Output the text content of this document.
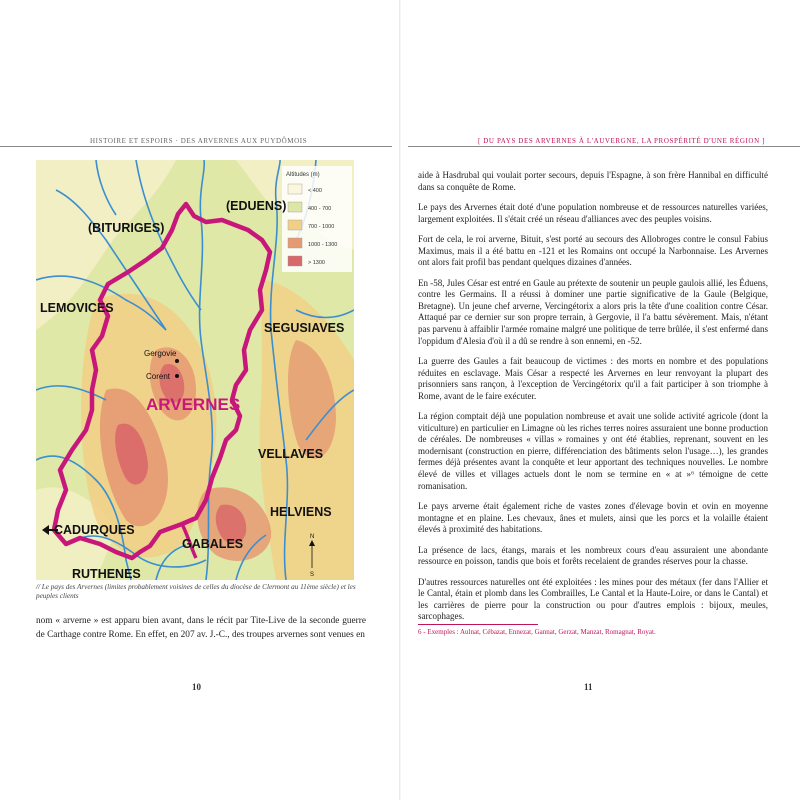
HISTOIRE ET ESPOIRS · DES ARVERNES AUX PUYDÔMOIS	[ DU PAYS DES ARVERNES À L'AUVERGNE, LA PROSPÉRITÉ D'UNE RÉGION ]
Altitudes (m)
< 400
400 - 700
700 - 1000
1000 - 1300
> 1300
(BITURIGES)
(EDUENS)
LEMOVICES
SEGUSIAVES
Gergovie
Corent
ARVERNES
VELLAVES
HELVIENS
CADURQUES
GABALES
RUTHENES
N
S
// Le pays des Arvernes (limites probablement voisines de celles du diocèse de Clermont au 11ème siècle) et les peuples clients
nom « arverne » est apparu bien avant, dans le récit par Tite-Live de la seconde guerre de Carthage contre Rome. En effet, en 207 av. J.-C., des troupes arvernes sont venues en
10

aide à Hasdrubal qui voulait porter secours, depuis l'Espagne, à son frère Hannibal en difficulté dans sa conquête de Rome.

Le pays des Arvernes était doté d'une population nombreuse et de ressources naturelles variées, largement exploitées. Il s'était créé un réseau d'alliances avec des peuples voisins.

Fort de cela, le roi arverne, Bituit, s'est porté au secours des Allobroges contre le consul Fabius Maximus, mais il a été battu en -121 et les Romains ont occupé la Narbonnaise. Les Arvernes ont alors fait profil bas pendant quelques dizaines d'années.

En -58, Jules César est entré en Gaule au prétexte de soutenir un peuple gaulois allié, les Éduens, contre les Germains. Il a réussi à dominer une partie significative de la Gaule (Belgique, Bretagne). Un jeune chef arverne, Vercingétorix a alors pris la tête d'une coalition contre César. Attaqué par ce dernier sur son propre terrain, à Gergovie, il l'a battu sévèrement. Mais, n'étant pas parvenu à affaiblir l'armée romaine malgré une politique de terre brûlée, il s'est enfermé dans l'oppidum d'Alesia d'où il a dû se rendre à son ennemi, en -52.

La guerre des Gaules a fait beaucoup de victimes : des morts en nombre et des populations réduites en esclavage. Mais César a respecté les Arvernes en leur renvoyant la plupart des prisonniers sans rançon, à l'exception de Vercingétorix qu'il a fait participer à son triomphe à Rome, avant de le faire exécuter.

La région comptait déjà une population nombreuse et avait une solide activité agricole (dont la viticulture) en particulier en Limagne où les riches terres noires assuraient une bonne production de céréales. De nombreuses « villas » romaines y ont été établies, reprenant, souvent en les modernisant (construction en pierre, différenciation des bâtiments selon l'usage…), les grandes fermes déjà présentes avant la conquête et leur apportant des techniques nouvelles. Le nombre élevé de villes et villages actuels dont le nom se termine en « at »⁶ témoigne de cette romanisation.

Le pays arverne était également riche de vastes zones d'élevage bovin et ovin en moyenne montagne et en plaine. Les chevaux, ânes et mulets, ainsi que les porcs et la volaille étaient élevés à proximité des habitations.

La présence de lacs, étangs, marais et les nombreux cours d'eau assuraient une abondante ressource en poisson, tandis que bois et forêts recelaient de grandes réserves pour la chasse.

D'autres ressources naturelles ont été exploitées : les mines pour des métaux (fer dans l'Allier et le Cantal, étain et plomb dans les Combrailles, Le Cantal et la Haute-Loire, or dans le Cantal) et les carrières de pierre pour la construction ou pour d'autres emplois : bijoux, meules, sarcophages.

6 - Exemples : Aulnat, Cébazat, Ennezat, Gannat, Gerzat, Manzat, Romagnat, Royat.
11
